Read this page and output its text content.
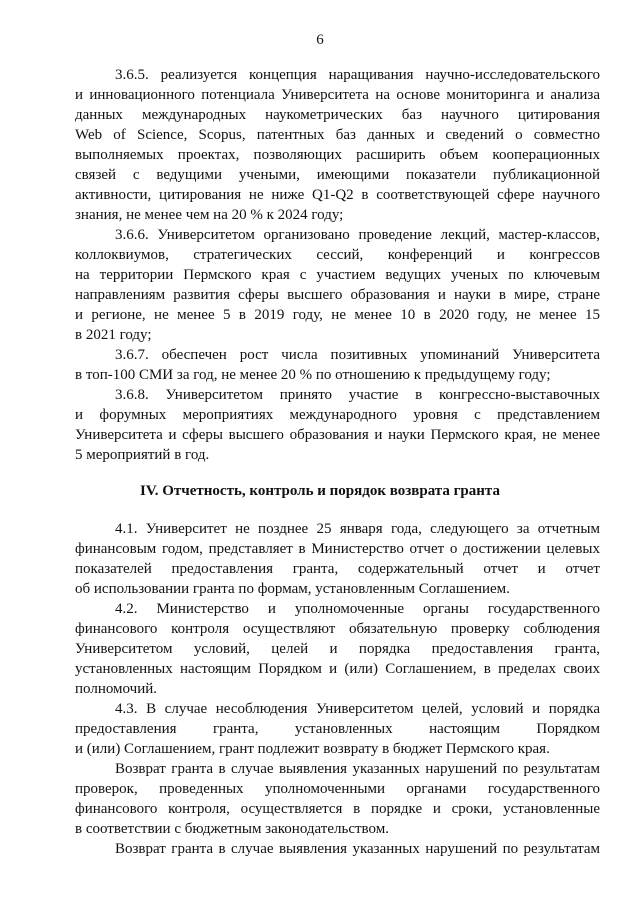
6
3.6.5. реализуется концепция наращивания научно-исследовательского
и инновационного потенциала Университета на основе мониторинга и анализа
данных международных наукометрических баз научного цитирования
Web of Science, Scopus, патентных баз данных и сведений о совместно
выполняемых проектах, позволяющих расширить объем кооперационных
связей с ведущими учеными, имеющими показатели публикационной
активности, цитирования не ниже Q1-Q2 в соответствующей сфере научного
знания, не менее чем на 20 % к 2024 году;
3.6.6. Университетом организовано проведение лекций, мастер-классов,
коллоквиумов, стратегических сессий, конференций и конгрессов
на территории Пермского края с участием ведущих ученых по ключевым
направлениям развития сферы высшего образования и науки в мире, стране
и регионе, не менее 5 в 2019 году, не менее 10 в 2020 году, не менее 15
в 2021 году;
3.6.7. обеспечен рост числа позитивных упоминаний Университета
в топ-100 СМИ за год, не менее 20 % по отношению к предыдущему году;
3.6.8. Университетом принято участие в конгрессно-выставочных
и форумных мероприятиях международного уровня с представлением
Университета и сферы высшего образования и науки Пермского края, не менее
5 мероприятий в год.
IV. Отчетность, контроль и порядок возврата гранта
4.1. Университет не позднее 25 января года, следующего за отчетным
финансовым годом, представляет в Министерство отчет о достижении целевых
показателей предоставления гранта, содержательный отчет и отчет
об использовании гранта по формам, установленным Соглашением.
4.2. Министерство и уполномоченные органы государственного
финансового контроля осуществляют обязательную проверку соблюдения
Университетом условий, целей и порядка предоставления гранта,
установленных настоящим Порядком и (или) Соглашением, в пределах своих
полномочий.
4.3. В случае несоблюдения Университетом целей, условий и порядка
предоставления гранта, установленных настоящим Порядком
и (или) Соглашением, грант подлежит возврату в бюджет Пермского края.
Возврат гранта в случае выявления указанных нарушений по результатам
проверок, проведенных уполномоченными органами государственного
финансового контроля, осуществляется в порядке и сроки, установленные
в соответствии с бюджетным законодательством.
Возврат гранта в случае выявления указанных нарушений по результатам
